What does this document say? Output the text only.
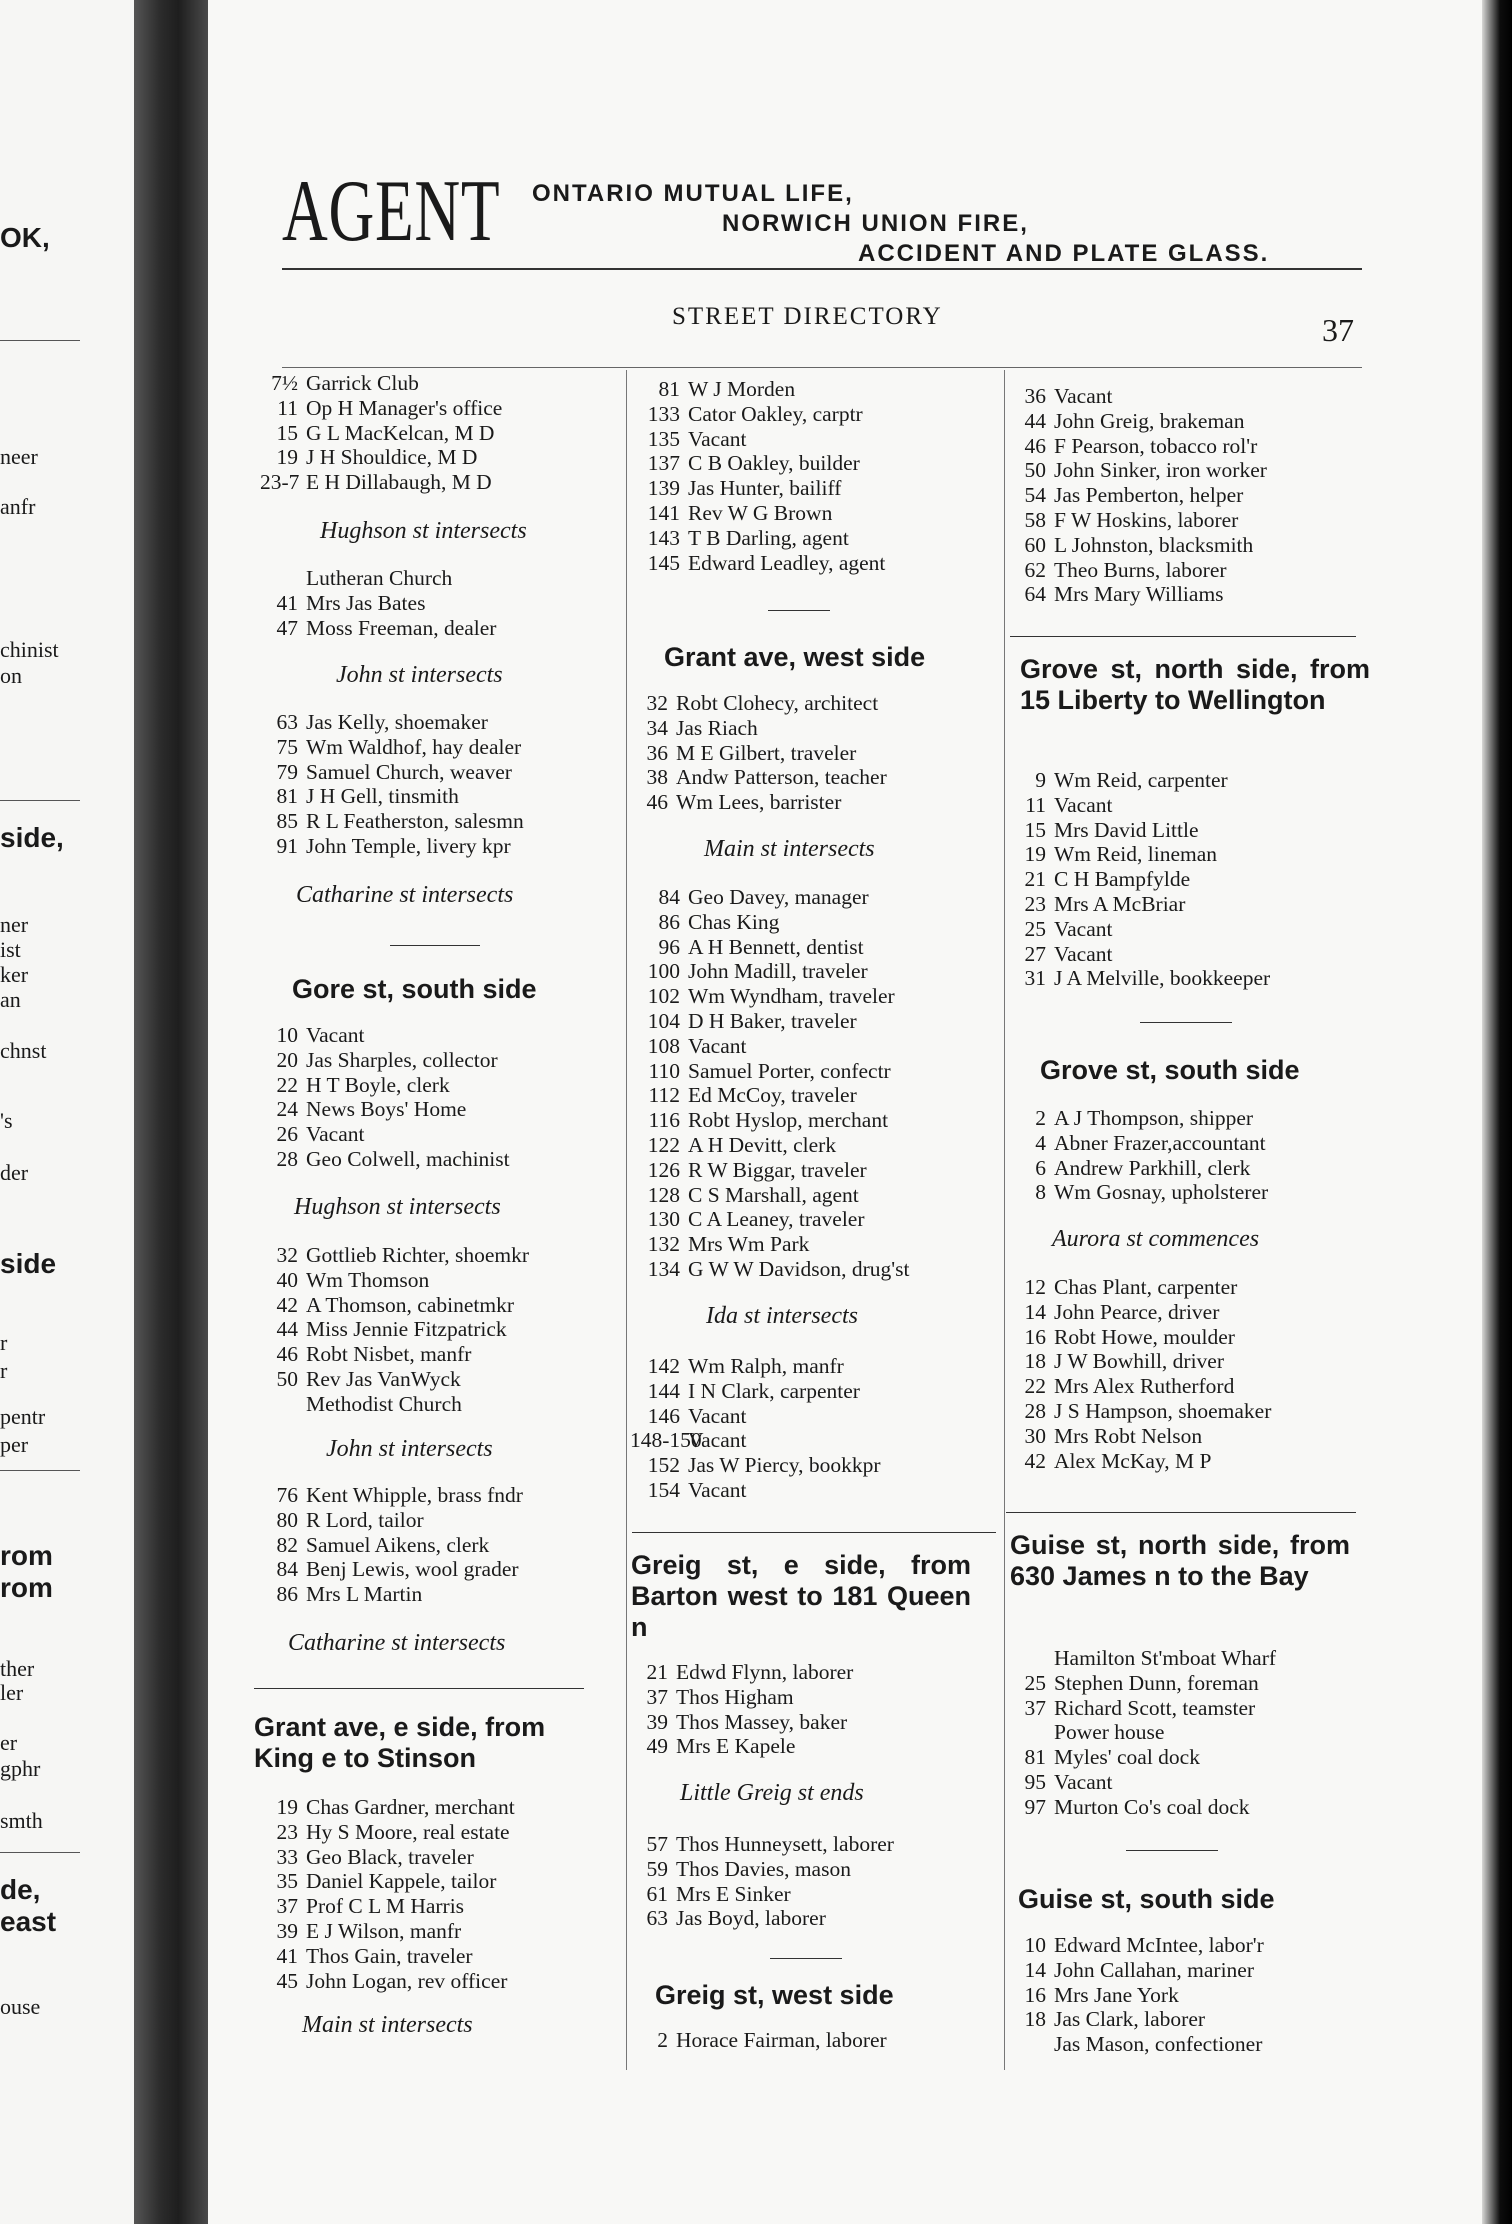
OK,
neer
anfr
chinist
on
side,
ner
ist
ker
an
chnst
's
der
side
r
r
pentr
per
rom
rom
ther
ler
er
gphr
smth
de,
east
ouse
AGENT ONTARIO MUTUAL LIFE,
NORWICH UNION FIRE,
ACCIDENT AND PLATE GLASS.
STREET DIRECTORY	37
7½ Garrick Club
11 Op H Manager's office
15 G L MacKelcan, M D
19 J H Shouldice, M D
23-7 E H Dillabaugh, M D
Hughson st intersects
Lutheran Church
41 Mrs Jas Bates
47 Moss Freeman, dealer
John st intersects
63 Jas Kelly, shoemaker
75 Wm Waldhof, hay dealer
79 Samuel Church, weaver
81 J H Gell, tinsmith
85 R L Featherston, salesmn
91 John Temple, livery kpr
Catharine st intersects
Gore st, south side
10 Vacant
20 Jas Sharples, collector
22 H T Boyle, clerk
24 News Boys' Home
26 Vacant
28 Geo Colwell, machinist
Hughson st intersects
32 Gottlieb Richter, shoemkr
40 Wm Thomson
42 A Thomson, cabinetmkr
44 Miss Jennie Fitzpatrick
46 Robt Nisbet, manfr
50 Rev Jas VanWyck
Methodist Church
John st intersects
76 Kent Whipple, brass fndr
80 R Lord, tailor
82 Samuel Aikens, clerk
84 Benj Lewis, wool grader
86 Mrs L Martin
Catharine st intersects
Grant ave, e side, from King e to Stinson
19 Chas Gardner, merchant
23 Hy S Moore, real estate
33 Geo Black, traveler
35 Daniel Kappele, tailor
37 Prof C L M Harris
39 E J Wilson, manfr
41 Thos Gain, traveler
45 John Logan, rev officer
Main st intersects
81 W J Morden
133 Cator Oakley, carptr
135 Vacant
137 C B Oakley, builder
139 Jas Hunter, bailiff
141 Rev W G Brown
143 T B Darling, agent
145 Edward Leadley, agent
Grant ave, west side
32 Robt Clohecy, architect
34 Jas Riach
36 M E Gilbert, traveler
38 Andw Patterson, teacher
46 Wm Lees, barrister
Main st intersects
84 Geo Davey, manager
86 Chas King
96 A H Bennett, dentist
100 John Madill, traveler
102 Wm Wyndham, traveler
104 D H Baker, traveler
108 Vacant
110 Samuel Porter, confectr
112 Ed McCoy, traveler
116 Robt Hyslop, merchant
122 A H Devitt, clerk
126 R W Biggar, traveler
128 C S Marshall, agent
130 C A Leaney, traveler
132 Mrs Wm Park
134 G W W Davidson, drug'st
Ida st intersects
142 Wm Ralph, manfr
144 I N Clark, carpenter
146 Vacant
148-150Vacant
152 Jas W Piercy, bookkpr
154 Vacant
Greig st, e side, from Barton west to 181 Queen n
21 Edwd Flynn, laborer
37 Thos Higham
39 Thos Massey, baker
49 Mrs E Kapele
Little Greig st ends
57 Thos Hunneysett, laborer
59 Thos Davies, mason
61 Mrs E Sinker
63 Jas Boyd, laborer
Greig st, west side
2 Horace Fairman, laborer
36 Vacant
44 John Greig, brakeman
46 F Pearson, tobacco rol'r
50 John Sinker, iron worker
54 Jas Pemberton, helper
58 F W Hoskins, laborer
60 L Johnston, blacksmith
62 Theo Burns, laborer
64 Mrs Mary Williams
Grove st, north side, from 15 Liberty to Wellington
9 Wm Reid, carpenter
11 Vacant
15 Mrs David Little
19 Wm Reid, lineman
21 C H Bampfylde
23 Mrs A McBriar
25 Vacant
27 Vacant
31 J A Melville, bookkeeper
Grove st, south side
2 A J Thompson, shipper
4 Abner Frazer,accountant
6 Andrew Parkhill, clerk
8 Wm Gosnay, upholsterer
Aurora st commences
12 Chas Plant, carpenter
14 John Pearce, driver
16 Robt Howe, moulder
18 J W Bowhill, driver
22 Mrs Alex Rutherford
28 J S Hampson, shoemaker
30 Mrs Robt Nelson
42 Alex McKay, M P
Guise st, north side, from 630 James n to the Bay
Hamilton St'mboat Wharf
25 Stephen Dunn, foreman
37 Richard Scott, teamster
Power house
81 Myles' coal dock
95 Vacant
97 Murton Co's coal dock
Guise st, south side
10 Edward McIntee, labor'r
14 John Callahan, mariner
16 Mrs Jane York
18 Jas Clark, laborer
Jas Mason, confectioner
